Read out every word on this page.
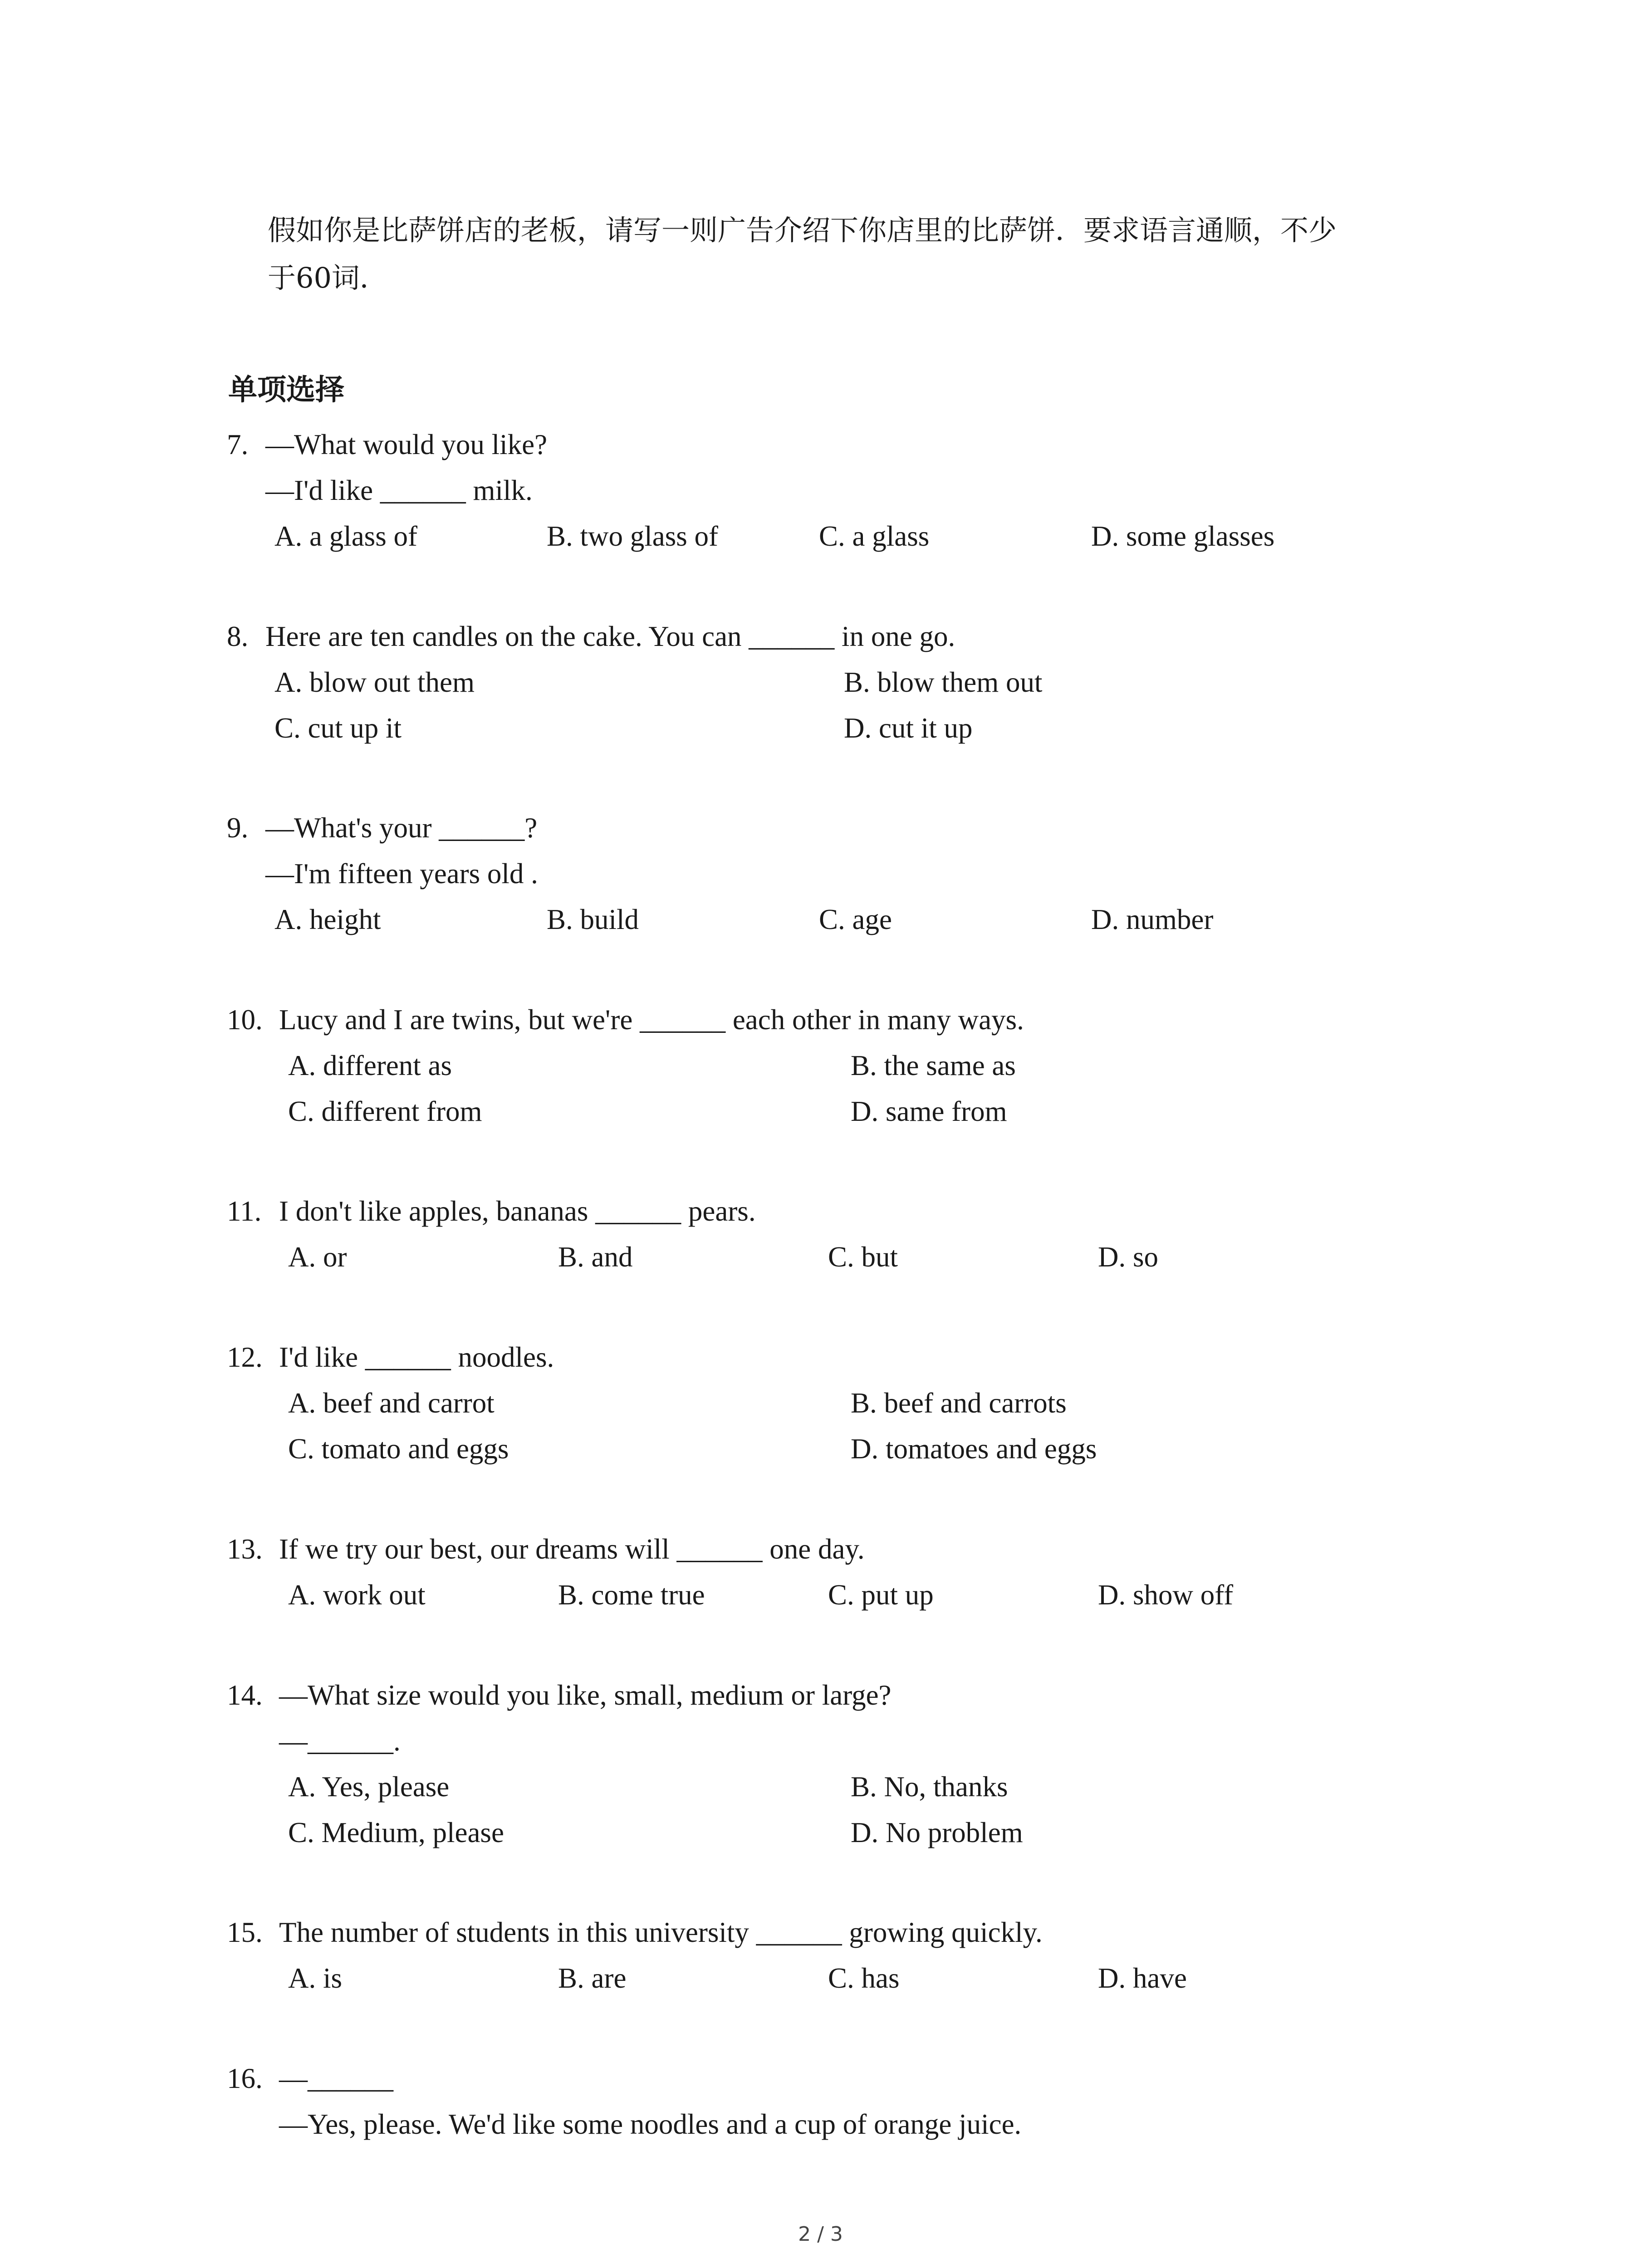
假如你是比萨饼店的老板，请写一则广告介绍下你店里的比萨饼．要求语言通顺，不少
于60词．
单项选择
7. —What would you like?
—I'd like ______ milk.
A. a glass of	B. two glass of	C. a glass	D. some glasses
8. Here are ten candles on the cake. You can ______ in one go.
A. blow out them	B. blow them out
C. cut up it	D. cut it up
9. —What's your ______?
—I'm fifteen years old .
A. height	B. build	C. age	D. number
10. Lucy and I are twins, but we're ______ each other in many ways.
A. different as	B. the same as
C. different from	D. same from
11. I don't like apples, bananas ______ pears.
A. or	B. and	C. but	D. so
12. I'd like ______ noodles.
A. beef and carrot	B. beef and carrots
C. tomato and eggs	D. tomatoes and eggs
13. If we try our best, our dreams will ______ one day.
A. work out	B. come true	C. put up	D. show off
14. —What size would you like, small, medium or large?
—______.
A. Yes, please	B. No, thanks
C. Medium, please	D. No problem
15. The number of students in this university ______ growing quickly.
A. is	B. are	C. has	D. have
16. —______
—Yes, please. We'd like some noodles and a cup of orange juice.
2 / 3
